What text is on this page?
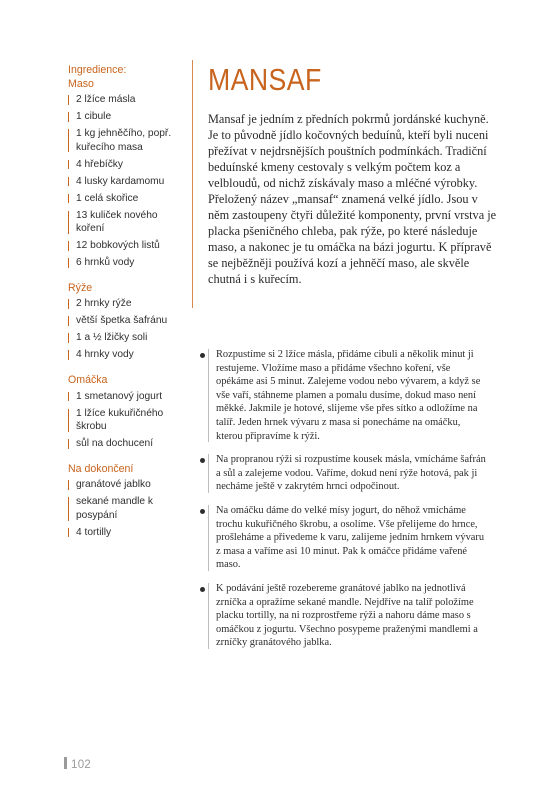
Ingredience:
Maso
2 lžíce másla
1 cibule
1 kg jehněčího, popř. kuřecího masa
4 hřebíčky
4 lusky kardamomu
1 celá skořice
13 kuliček nového koření
12 bobkových listů
6 hrnků vody
Rýže
2 hrnky rýže
větší špetka šafránu
1 a ½ lžičky soli
4 hrnky vody
Omáčka
1 smetanový jogurt
1 lžíce kukuřičného škrobu
sůl na dochucení
Na dokončení
granátové jablko
sekané mandle k posypání
4 tortilly
MANSAF

Mansaf je jedním z předních pokrmů jordánské kuchyně. Je to původně jídlo kočovných beduínů, kteří byli nuceni přežívat v nejdrsnějších pouštních podmínkách. Tradiční beduínské kmeny cestovaly s velkým počtem koz a velbloudů, od nichž získávaly maso a mléčné výrobky. Přeložený název „mansaf“ znamená velké jídlo. Jsou v něm zastoupeny čtyři důležité komponenty, první vrstva je placka pšeničného chleba, pak rýže, po které následuje maso, a nakonec je tu omáčka na bázi jogurtu. K přípravě se nejběžněji používá kozí a jehněčí maso, ale skvěle chutná i s kuřecím.

Rozpustíme si 2 lžíce másla, přidáme cibuli a několik minut ji restujeme. Vložíme maso a přidáme všechno koření, vše opékáme asi 5 minut. Zalejeme vodou nebo vývarem, a když se vše vaří, stáhneme plamen a pomalu dusíme, dokud maso není měkké. Jakmile je hotové, slijeme vše přes sítko a odložíme na talíř. Jeden hrnek vývaru z masa si ponecháme na omáčku, kterou připravíme k rýži.
Na propranou rýži si rozpustíme kousek másla, vmícháme šafrán a sůl a zalejeme vodou. Vaříme, dokud není rýže hotová, pak ji necháme ještě v zakrytém hrnci odpočinout.
Na omáčku dáme do velké mísy jogurt, do něhož vmícháme trochu kukuřičného škrobu, a osolíme. Vše přelijeme do hrnce, prošleháme a přivedeme k varu, zalijeme jedním hrnkem vývaru z masa a vaříme asi 10 minut. Pak k omáčce přidáme vařené maso.
K podávání ještě rozebereme granátové jablko na jednotlivá zrníčka a opražíme sekané mandle. Nejdříve na talíř položíme placku tortilly, na ni rozprostřeme rýži a nahoru dáme maso s omáčkou z jogurtu. Všechno posypeme praženými mandlemi a zrníčky granátového jablka.
102
